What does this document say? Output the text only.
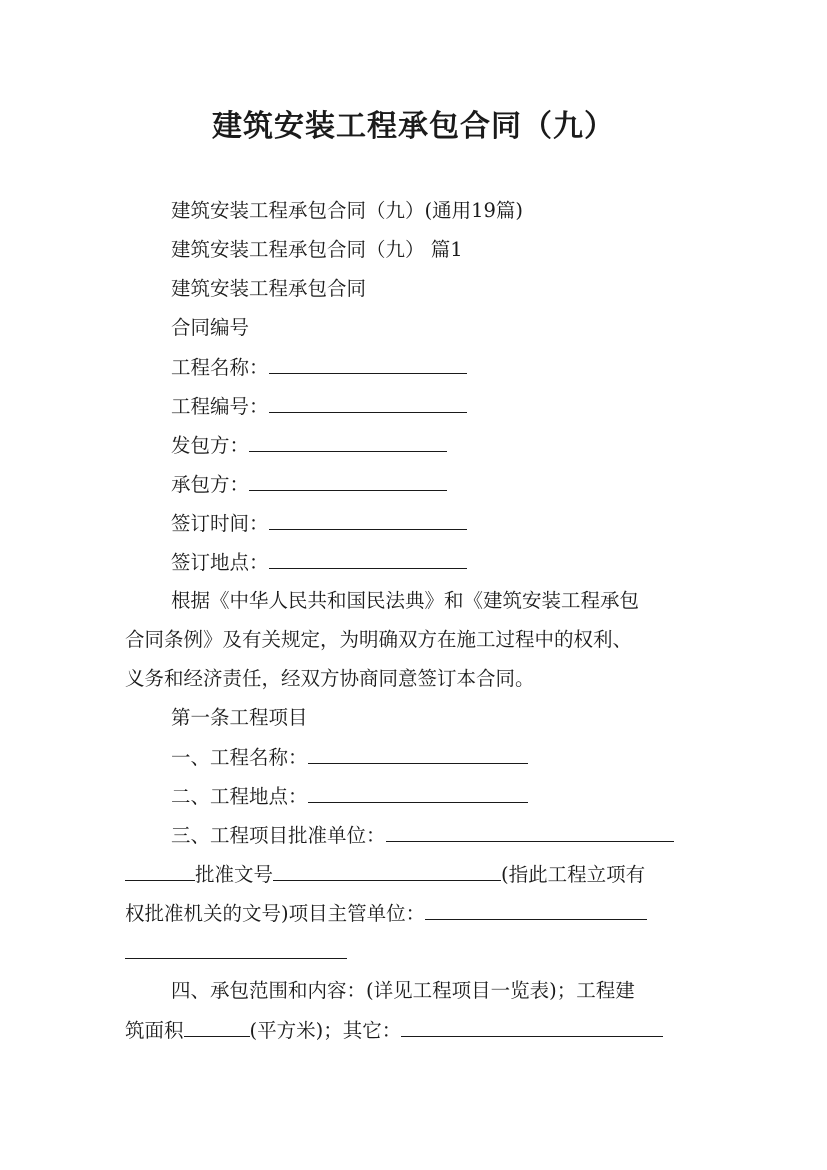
建筑安装工程承包合同（九）
建筑安装工程承包合同（九）(通用19篇)
建筑安装工程承包合同（九） 篇1
建筑安装工程承包合同
合同编号
工程名称：
工程编号：
发包方：
承包方：
签订时间：
签订地点：
根据《中华人民共和国民法典》和《建筑安装工程承包
合同条例》及有关规定，为明确双方在施工过程中的权利、
义务和经济责任，经双方协商同意签订本合同。
第一条工程项目
一、工程名称：
二、工程地点：
三、工程项目批准单位：
批准文号	(指此工程立项有
权批准机关的文号)项目主管单位：
四、承包范围和内容：(详见工程项目一览表)；工程建
筑面积	(平方米)；其它：
